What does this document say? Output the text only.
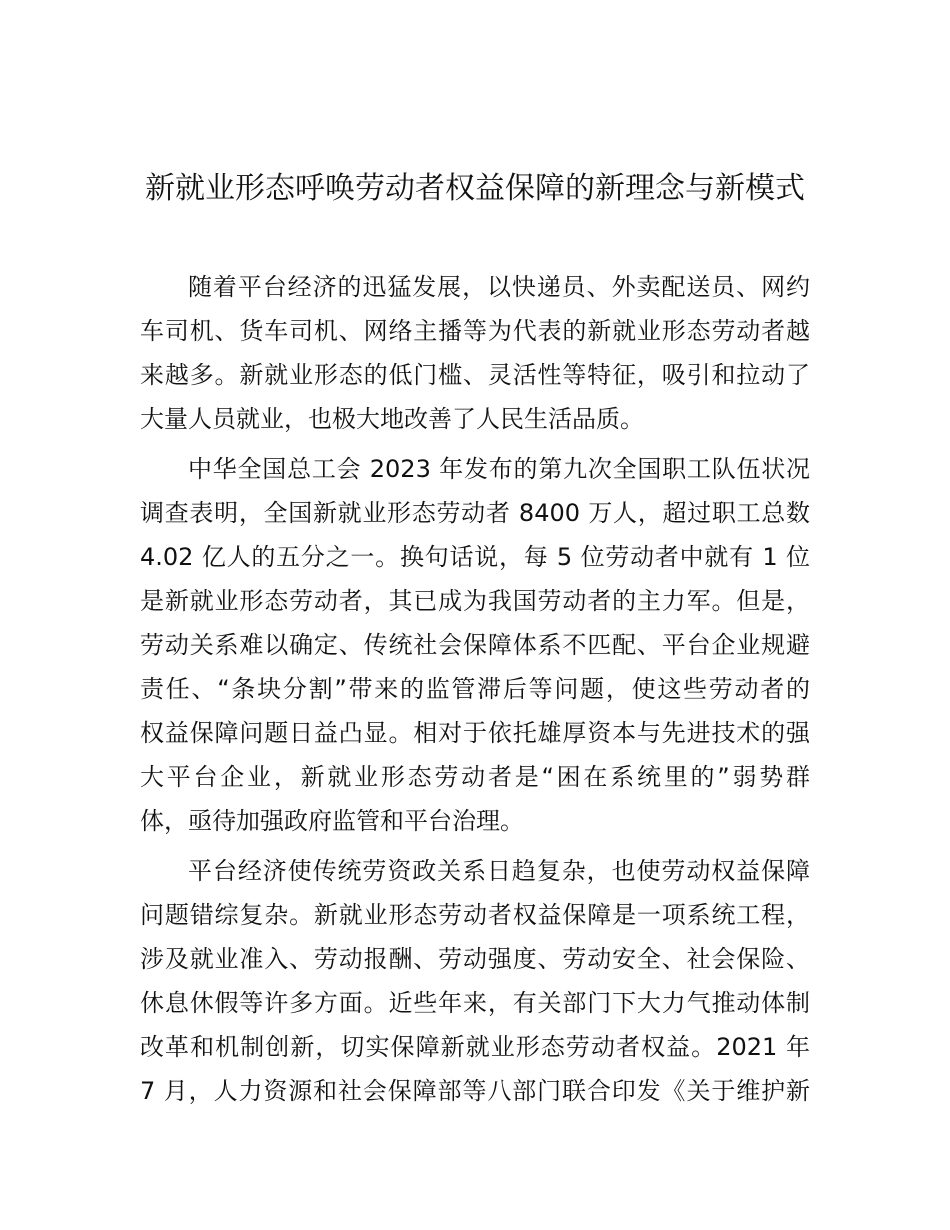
新就业形态呼唤劳动者权益保障的新理念与新模式
随着平台经济的迅猛发展，以快递员、外卖配送员、网约
车司机、货车司机、网络主播等为代表的新就业形态劳动者越
来越多。新就业形态的低门槛、灵活性等特征，吸引和拉动了
大量人员就业，也极大地改善了人民生活品质。
中华全国总工会 2023 年发布的第九次全国职工队伍状况
调查表明，全国新就业形态劳动者 8400 万人，超过职工总数
4.02 亿人的五分之一。换句话说，每 5 位劳动者中就有 1 位
是新就业形态劳动者，其已成为我国劳动者的主力军。但是，
劳动关系难以确定、传统社会保障体系不匹配、平台企业规避
责任、“条块分割”带来的监管滞后等问题，使这些劳动者的
权益保障问题日益凸显。相对于依托雄厚资本与先进技术的强
大平台企业，新就业形态劳动者是“困在系统里的”弱势群
体，亟待加强政府监管和平台治理。
平台经济使传统劳资政关系日趋复杂，也使劳动权益保障
问题错综复杂。新就业形态劳动者权益保障是一项系统工程，
涉及就业准入、劳动报酬、劳动强度、劳动安全、社会保险、
休息休假等许多方面。近些年来，有关部门下大力气推动体制
改革和机制创新，切实保障新就业形态劳动者权益。2021 年
7 月，人力资源和社会保障部等八部门联合印发《关于维护新
